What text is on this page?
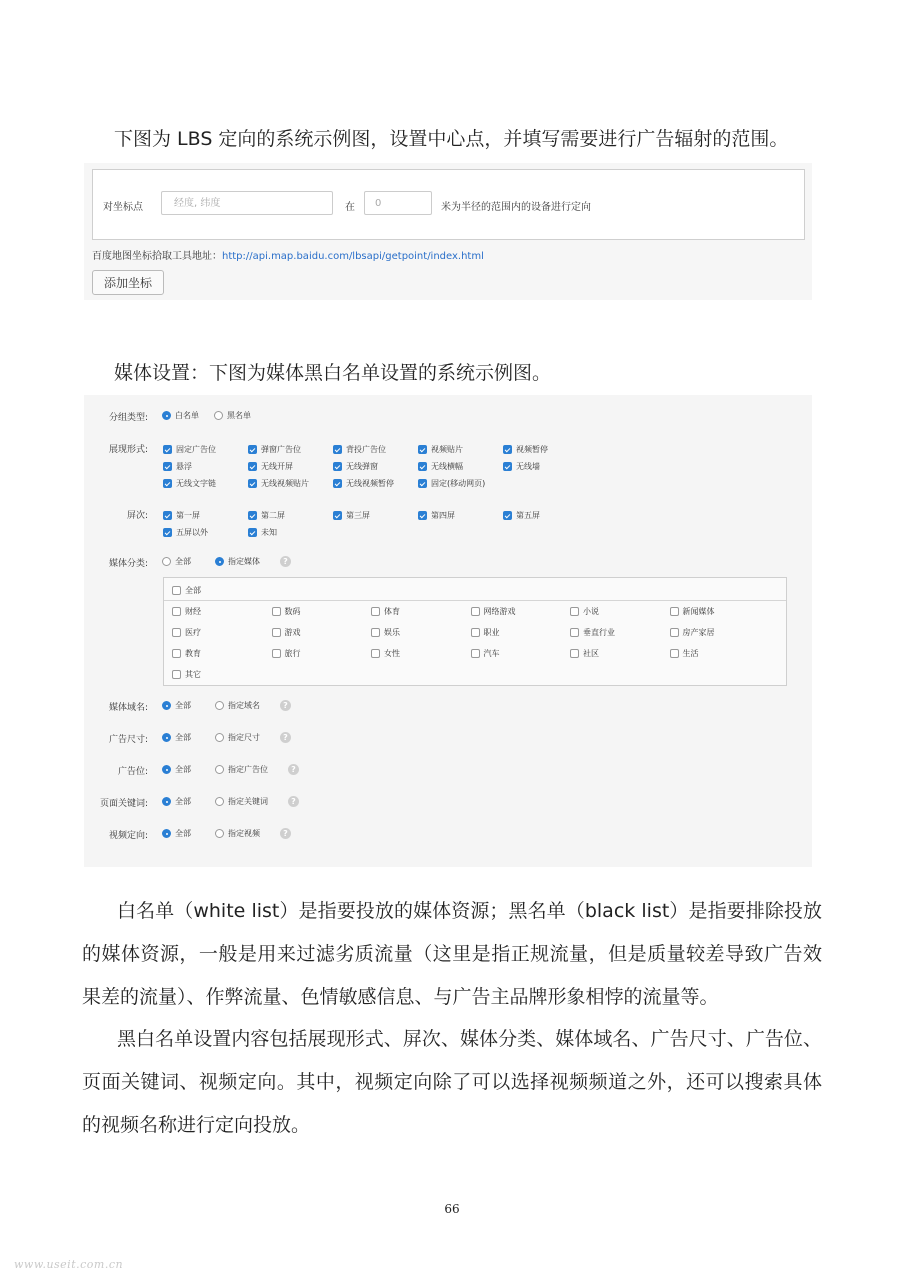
下图为 LBS 定向的系统示例图，设置中心点，并填写需要进行广告辐射的范围。
对坐标点	经度, 纬度	在	0	米为半径的范围内的设备进行定向
百度地图坐标拾取工具地址：http://api.map.baidu.com/lbsapi/getpoint/index.html
添加坐标
媒体设置：下图为媒体黑白名单设置的系统示例图。
全部
财经	数码	体育	网络游戏	小说	新闻媒体
医疗	游戏	娱乐	职业	垂直行业	房产家居
教育	旅行	女性	汽车	社区	生活
其它
分组类型:	白名单	黑名单
展现形式:	固定广告位	弹窗广告位	背投广告位	视频贴片	视频暂停
悬浮	无线开屏	无线弹窗	无线横幅	无线墙
无线文字链	无线视频贴片	无线视频暂停	固定(移动网页)
屏次:	第一屏	第二屏	第三屏	第四屏	第五屏
五屏以外	未知
媒体分类:	全部	指定媒体	?
媒体域名:	全部	指定域名	?
广告尺寸:	全部	指定尺寸	?
广告位:	全部	指定广告位	?
页面关键词:	全部	指定关键词	?
视频定向:	全部	指定视频	?
白名单（white list）是指要投放的媒体资源；黑名单（black list）是指要排除投放的媒体资源，一般是用来过滤劣质流量（这里是指正规流量，但是质量较差导致广告效果差的流量）、作弊流量、色情敏感信息、与广告主品牌形象相悖的流量等。
黑白名单设置内容包括展现形式、屏次、媒体分类、媒体域名、广告尺寸、广告位、页面关键词、视频定向。其中，视频定向除了可以选择视频频道之外，还可以搜索具体的视频名称进行定向投放。
66
www.useit.com.cn
